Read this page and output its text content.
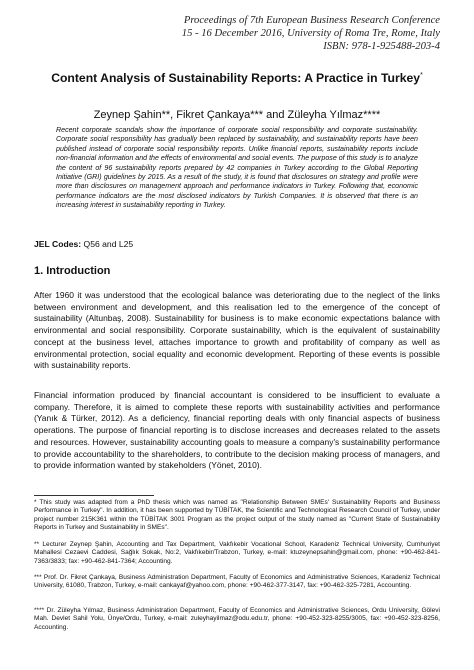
Proceedings of 7th European Business Research Conference
15 - 16 December 2016, University of Roma Tre, Rome, Italy
ISBN: 978-1-925488-203-4
Content Analysis of Sustainability Reports: A Practice in Turkey*
Zeynep Şahin**, Fikret Çankaya*** and Züleyha Yılmaz****
Recent corporate scandals show the importance of corporate social responsibility and corporate sustainability. Corporate social responsibility has gradually been replaced by sustainability, and sustainability reports have been published instead of corporate social responsibility reports. Unlike financial reports, sustainability reports include non-financial information and the effects of environmental and social events. The purpose of this study is to analyze the content of 96 sustainability reports prepared by 42 companies in Turkey according to the Global Reporting Initiative (GRI) guidelines by 2015. As a result of the study, it is found that disclosures on strategy and profile were more than disclosures on management approach and performance indicators in Turkey. Following that, economic performance indicators are the most disclosed indicators by Turkish Companies. It is observed that there is an increasing interest in sustainability reporting in Turkey.
JEL Codes: Q56 and L25
1. Introduction
After 1960 it was understood that the ecological balance was deteriorating due to the neglect of the links between environment and development, and this realisation led to the emergence of the concept of sustainability (Altunbaş, 2008). Sustainability for business is to make economic expectations balance with environmental and social responsibility. Corporate sustainability, which is the equivalent of sustainability concept at the business level, attaches importance to growth and profitability of company as well as environmental protection, social equality and economic development. Reporting of these events is possible with sustainability reports.
Financial information produced by financial accountant is considered to be insufficient to evaluate a company. Therefore, it is aimed to complete these reports with sustainability activities and performance (Yanık & Türker, 2012). As a deficiency, financial reporting deals with only financial aspects of business operations. The purpose of financial reporting is to disclose increases and decreases related to the assets and resources. However, sustainability accounting goals to measure a company's sustainability performance to provide accountability to the shareholders, to contribute to the decision making process of managers, and to provide information wanted by stakeholders (Yönet, 2010).
* This study was adapted from a PhD thesis which was named as "Relationship Between SMEs' Sustainability Reports and Business Performance in Turkey". In addition, it has been supported by TÜBİTAK, the Scientific and Technological Research Council of Turkey, under project number 215K361 within the TÜBİTAK 3001 Program as the project output of the study named as "Current State of Sustainability Reports in Turkey and Sustainability in SMEs".
** Lecturer Zeynep Şahin, Accounting and Tax Department, Vakfıkebir Vocational School, Karadeniz Technical University, Cumhuriyet Mahallesi Cezaevi Caddesi, Sağlık Sokak, No:2, Vakfıkebir/Trabzon, Turkey, e-mail: ktuzeynepsahin@gmail.com, phone: +90-462-841-7363/3833; fax: +90-462-841-7364; Accounting.
*** Prof. Dr. Fikret Çankaya, Business Administration Department, Faculty of Economics and Administrative Sciences, Karadeniz Technical University, 61080, Trabzon, Turkey, e-mail: cankayaf@yahoo.com, phone: +90-462-377-3147, fax: +90-462-325-7281, Accounting.
**** Dr. Züleyha Yılmaz, Business Administration Department, Faculty of Economics and Administrative Sciences, Ordu University, Gölevi Mah. Devlet Sahil Yolu, Ünye/Ordu, Turkey, e-mail: zuleyhayilmaz@odu.edu.tr, phone: +90-452-323-8255/3005, fax: +90-452-323-8256, Accounting.
